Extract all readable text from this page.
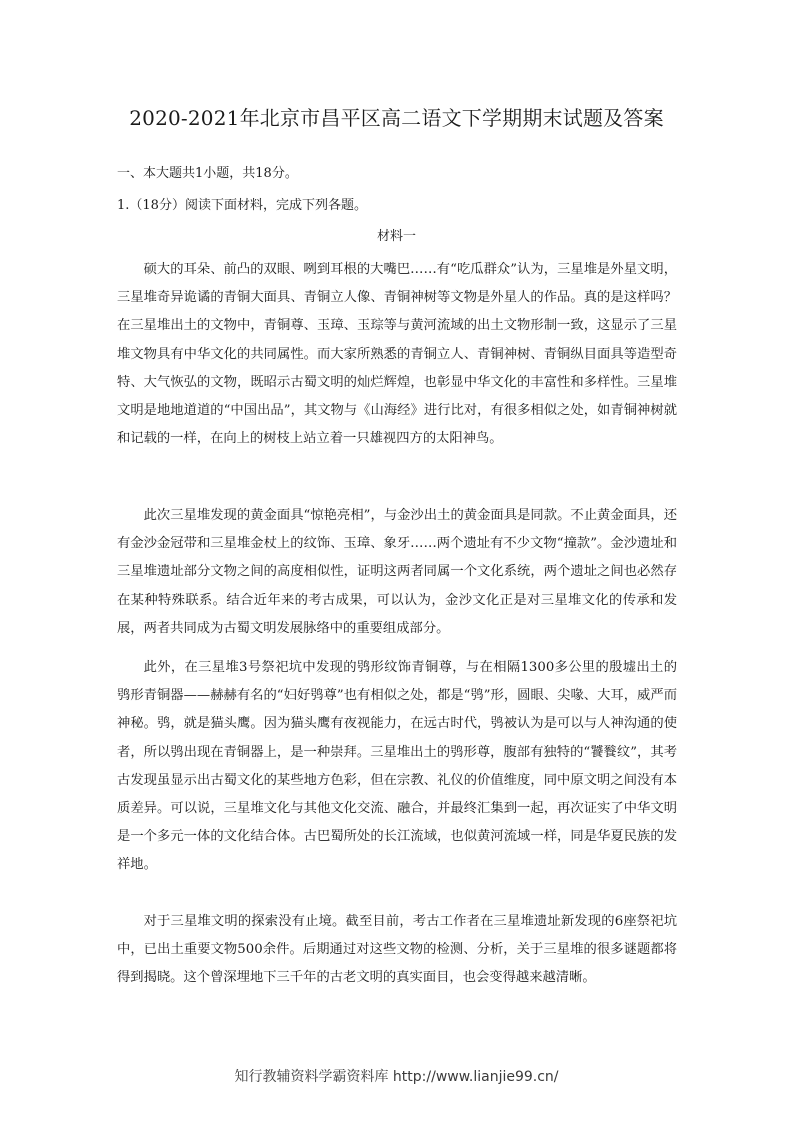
2020-2021年北京市昌平区高二语文下学期期末试题及答案
一、本大题共1小题，共18分。
1.（18分）阅读下面材料，完成下列各题。
材料一

硕大的耳朵、前凸的双眼、咧到耳根的大嘴巴……有“吃瓜群众”认为，三星堆是外星文明，三星堆奇异诡谲的青铜大面具、青铜立人像、青铜神树等文物是外星人的作品。真的是这样吗？在三星堆出土的文物中，青铜尊、玉璋、玉琮等与黄河流域的出土文物形制一致，这显示了三星堆文物具有中华文化的共同属性。而大家所熟悉的青铜立人、青铜神树、青铜纵目面具等造型奇特、大气恢弘的文物，既昭示古蜀文明的灿烂辉煌，也彰显中华文化的丰富性和多样性。三星堆文明是地地道道的“中国出品”，其文物与《山海经》进行比对，有很多相似之处，如青铜神树就和记载的一样，在向上的树枝上站立着一只雄视四方的太阳神鸟。

此次三星堆发现的黄金面具“惊艳亮相”，与金沙出土的黄金面具是同款。不止黄金面具，还有金沙金冠带和三星堆金杖上的纹饰、玉璋、象牙……两个遗址有不少文物“撞款”。金沙遗址和三星堆遗址部分文物之间的高度相似性，证明这两者同属一个文化系统，两个遗址之间也必然存在某种特殊联系。结合近年来的考古成果，可以认为，金沙文化正是对三星堆文化的传承和发展，两者共同成为古蜀文明发展脉络中的重要组成部分。

此外，在三星堆3号祭祀坑中发现的鸮形纹饰青铜尊，与在相隔1300多公里的殷墟出土的鸮形青铜器——赫赫有名的“妇好鸮尊”也有相似之处，都是“鸮”形，圆眼、尖喙、大耳，威严而神秘。鸮，就是猫头鹰。因为猫头鹰有夜视能力，在远古时代，鸮被认为是可以与人神沟通的使者，所以鸮出现在青铜器上，是一种崇拜。三星堆出土的鸮形尊，腹部有独特的“饕餮纹”，其考古发现虽显示出古蜀文化的某些地方色彩，但在宗教、礼仪的价值维度，同中原文明之间没有本质差异。可以说，三星堆文化与其他文化交流、融合，并最终汇集到一起，再次证实了中华文明是一个多元一体的文化结合体。古巴蜀所处的长江流域，也似黄河流域一样，同是华夏民族的发祥地。

对于三星堆文明的探索没有止境。截至目前，考古工作者在三星堆遗址新发现的6座祭祀坑中，已出土重要文物500余件。后期通过对这些文物的检测、分析，关于三星堆的很多谜题都将得到揭晓。这个曾深埋地下三千年的古老文明的真实面目，也会变得越来越清晰。

知行教辅资料学霸资料库 http://www.lianjie99.cn/
